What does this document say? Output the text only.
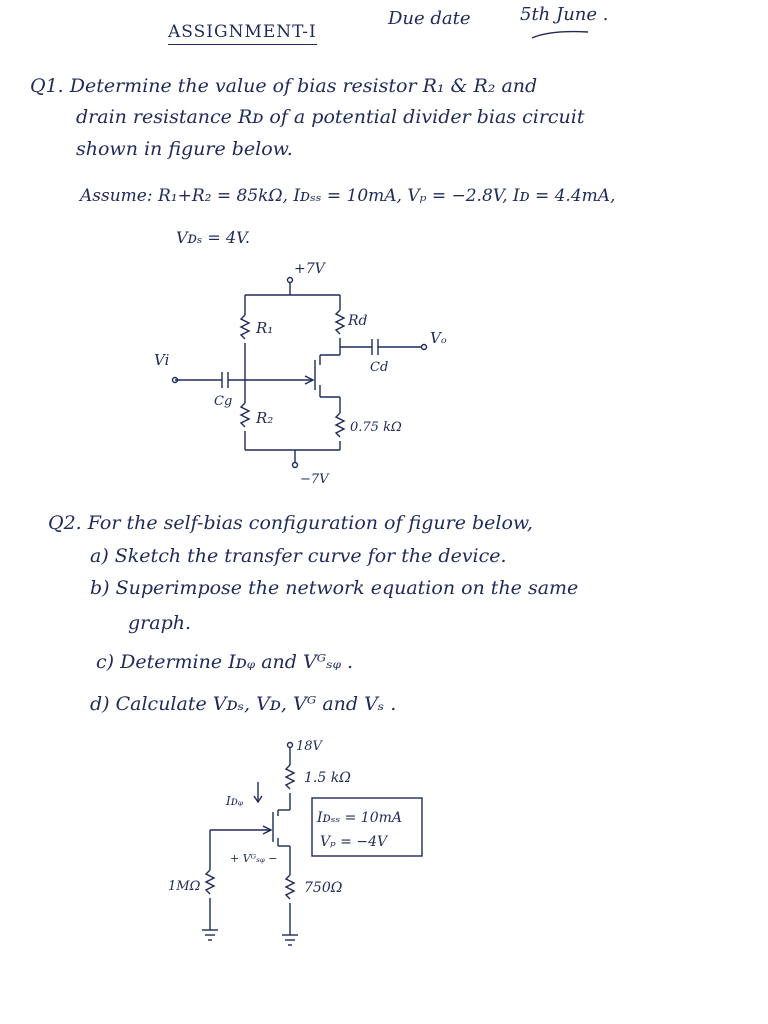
ASSIGNMENT-I
Due date	5th June .
Q1. Determine the value of bias resistor R₁ & R₂ and
drain resistance Rᴅ of a potential divider bias circuit
shown in figure below.
Assume: R₁+R₂ = 85kΩ, Iᴅₛₛ = 10mA, Vₚ = −2.8V, Iᴅ = 4.4mA,
Vᴅₛ = 4V.
+7V
R₁	Rd
Vₒ
Cd
Vi
Cg
R₂
0.75 kΩ
−7V
Q2. For the self-bias configuration of figure below,
a) Sketch the transfer curve for the device.
b) Superimpose the network equation on the same
graph.
c) Determine Iᴅᵩ and Vᴳₛᵩ .
d) Calculate Vᴅₛ, Vᴅ, Vᴳ and Vₛ .
18V
1.5 kΩ
Iᴅᵩ
Iᴅₛₛ = 10mA
Vₚ = −4V
+ Vᴳₛᵩ −
1MΩ	750Ω
